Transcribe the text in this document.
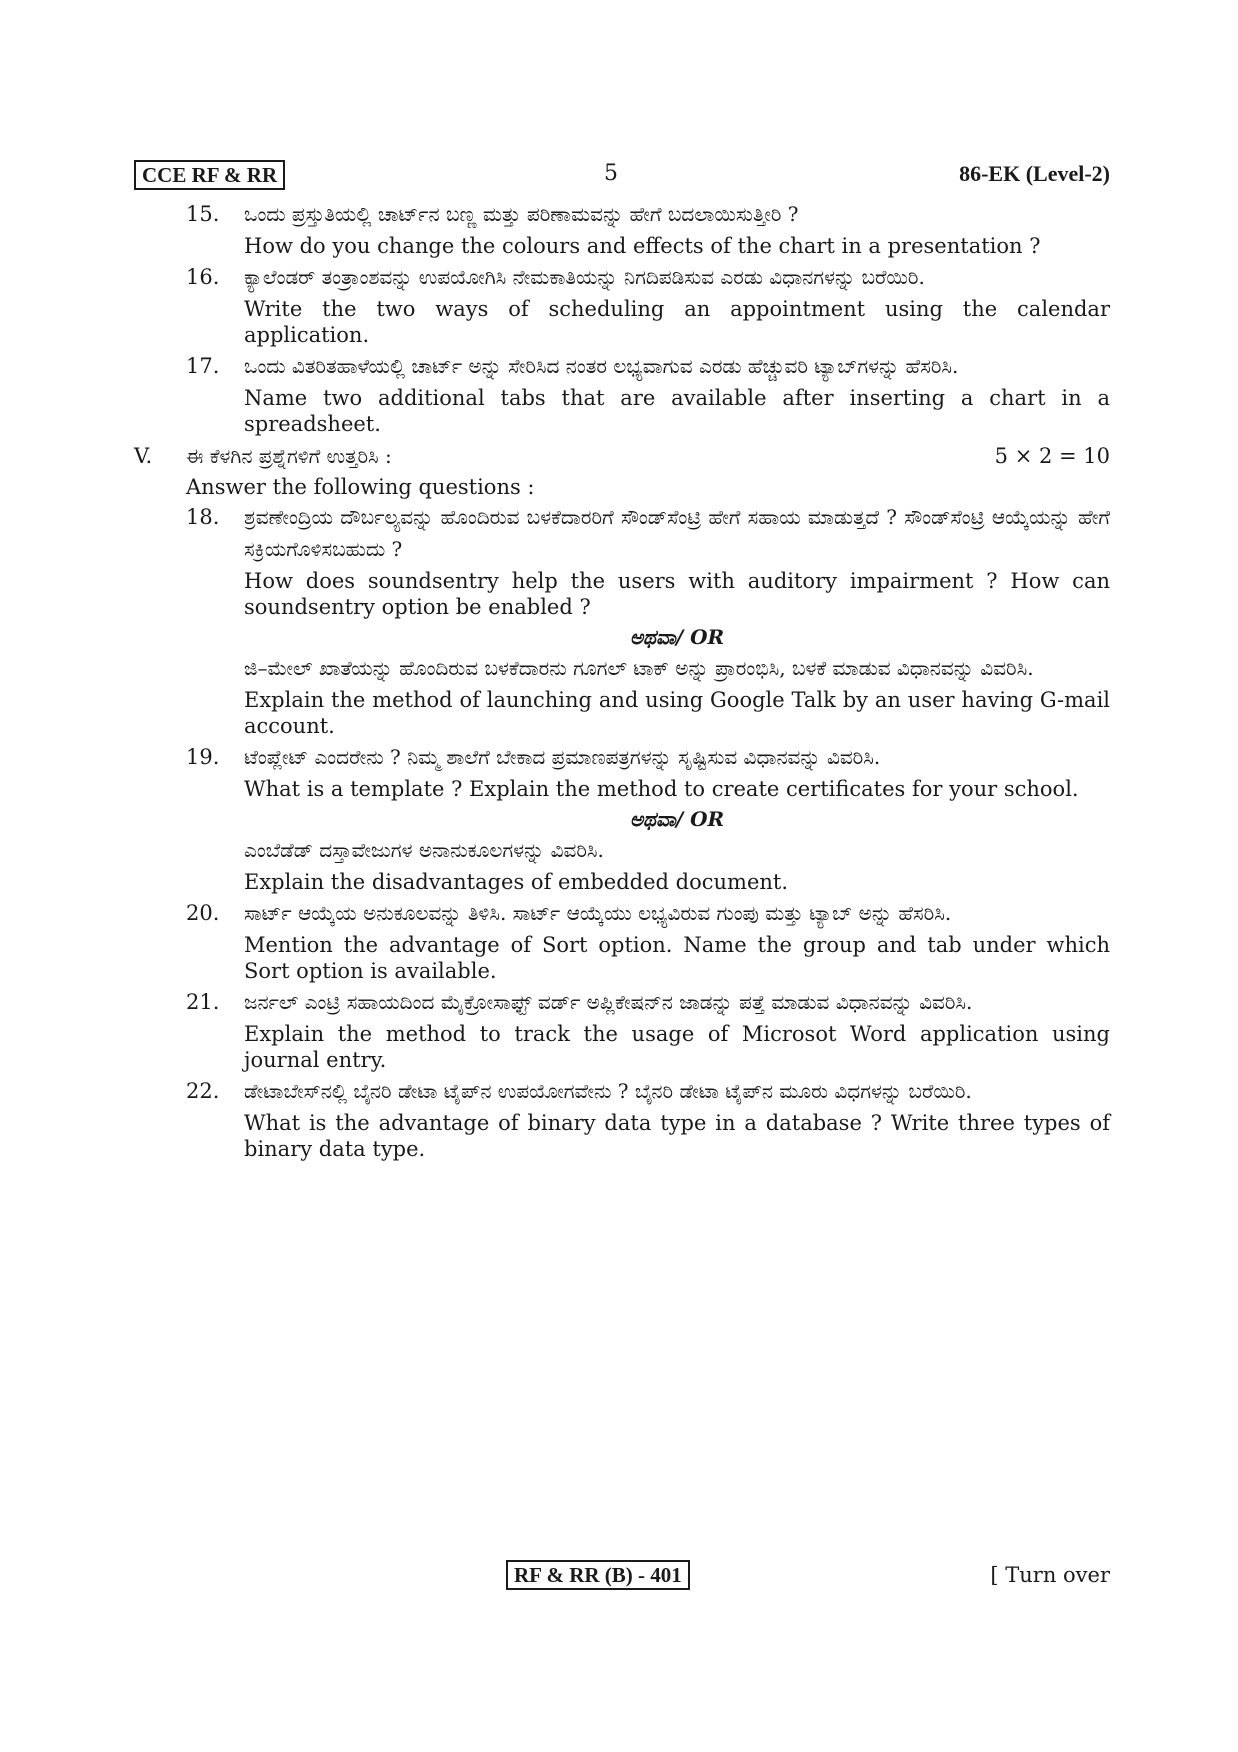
CCE RF & RR	5	86-EK (Level-2)
15. ಒಂದು ಪ್ರಸ್ತುತಿಯಲ್ಲಿ ಚಾರ್ಟ್‌ನ ಬಣ್ಣ ಮತ್ತು ಪರಿಣಾಮವನ್ನು ಹೇಗೆ ಬದಲಾಯಿಸುತ್ತೀರಿ ?
How do you change the colours and effects of the chart in a presentation ?
16. ಕ್ಯಾಲೆಂಡರ್ ತಂತ್ರಾಂಶವನ್ನು ಉಪಯೋಗಿಸಿ ನೇಮಕಾತಿಯನ್ನು ನಿಗದಿಪಡಿಸುವ ಎರಡು ವಿಧಾನಗಳನ್ನು ಬರೆಯಿರಿ.
Write the two ways of scheduling an appointment using the calendar application.
17. ಒಂದು ವಿತರಿತಹಾಳೆಯಲ್ಲಿ ಚಾರ್ಟ್ ಅನ್ನು ಸೇರಿಸಿದ ನಂತರ ಲಭ್ಯವಾಗುವ ಎರಡು ಹೆಚ್ಚುವರಿ ಟ್ಯಾಬ್‌ಗಳನ್ನು ಹೆಸರಿಸಿ.
Name two additional tabs that are available after inserting a chart in a spreadsheet.
V. ಈ ಕೆಳಗಿನ ಪ್ರಶ್ನೆಗಳಿಗೆ ಉತ್ತರಿಸಿ :	5 × 2 = 10
Answer the following questions :
18. ಶ್ರವಣೇಂದ್ರಿಯ ದೌರ್ಬಲ್ಯವನ್ನು ಹೊಂದಿರುವ ಬಳಕೆದಾರರಿಗೆ ಸೌಂಡ್‌ಸೆಂಟ್ರಿ ಹೇಗೆ ಸಹಾಯ ಮಾಡುತ್ತದೆ ? ಸೌಂಡ್‌ಸೆಂಟ್ರಿ ಆಯ್ಕೆಯನ್ನು ಹೇಗೆ ಸಕ್ರಿಯಗೊಳಿಸಬಹುದು ?
How does soundsentry help the users with auditory impairment ? How can soundsentry option be enabled ?
ಅಥವಾ/ OR
ಜಿ–ಮೇಲ್ ಖಾತೆಯನ್ನು ಹೊಂದಿರುವ ಬಳಕೆದಾರನು ಗೂಗಲ್ ಟಾಕ್ ಅನ್ನು ಪ್ರಾರಂಭಿಸಿ, ಬಳಕೆ ಮಾಡುವ ವಿಧಾನವನ್ನು ವಿವರಿಸಿ.
Explain the method of launching and using Google Talk by an user having G-mail account.
19. ಟೆಂಪ್ಲೇಟ್ ಎಂದರೇನು ? ನಿಮ್ಮ ಶಾಲೆಗೆ ಬೇಕಾದ ಪ್ರಮಾಣಪತ್ರಗಳನ್ನು ಸೃಷ್ಟಿಸುವ ವಿಧಾನವನ್ನು ವಿವರಿಸಿ.
What is a template ? Explain the method to create certificates for your school.
ಅಥವಾ/ OR
ಎಂಬೆಡೆಡ್ ದಸ್ತಾವೇಜುಗಳ ಅನಾನುಕೂಲಗಳನ್ನು ವಿವರಿಸಿ.
Explain the disadvantages of embedded document.
20. ಸಾರ್ಟ್ ಆಯ್ಕೆಯ ಅನುಕೂಲವನ್ನು ತಿಳಿಸಿ. ಸಾರ್ಟ್ ಆಯ್ಕೆಯು ಲಭ್ಯವಿರುವ ಗುಂಪು ಮತ್ತು ಟ್ಯಾಬ್ ಅನ್ನು ಹೆಸರಿಸಿ.
Mention the advantage of Sort option. Name the group and tab under which Sort option is available.
21. ಜರ್ನಲ್ ಎಂಟ್ರಿ ಸಹಾಯದಿಂದ ಮೈಕ್ರೋಸಾಫ್ಟ್ ವರ್ಡ್ ಅಪ್ಲಿಕೇಷನ್‌ನ ಜಾಡನ್ನು ಪತ್ತೆ ಮಾಡುವ ವಿಧಾನವನ್ನು ವಿವರಿಸಿ.
Explain the method to track the usage of Microsot Word application using journal entry.
22. ಡೇಟಾಬೇಸ್‌ನಲ್ಲಿ ಬೈನರಿ ಡೇಟಾ ಟೈಪ್‌ನ ಉಪಯೋಗವೇನು ? ಬೈನರಿ ಡೇಟಾ ಟೈಪ್‌ನ ಮೂರು ವಿಧಗಳನ್ನು ಬರೆಯಿರಿ.
What is the advantage of binary data type in a database ? Write three types of binary data type.
RF & RR (B) - 401	[ Turn over
